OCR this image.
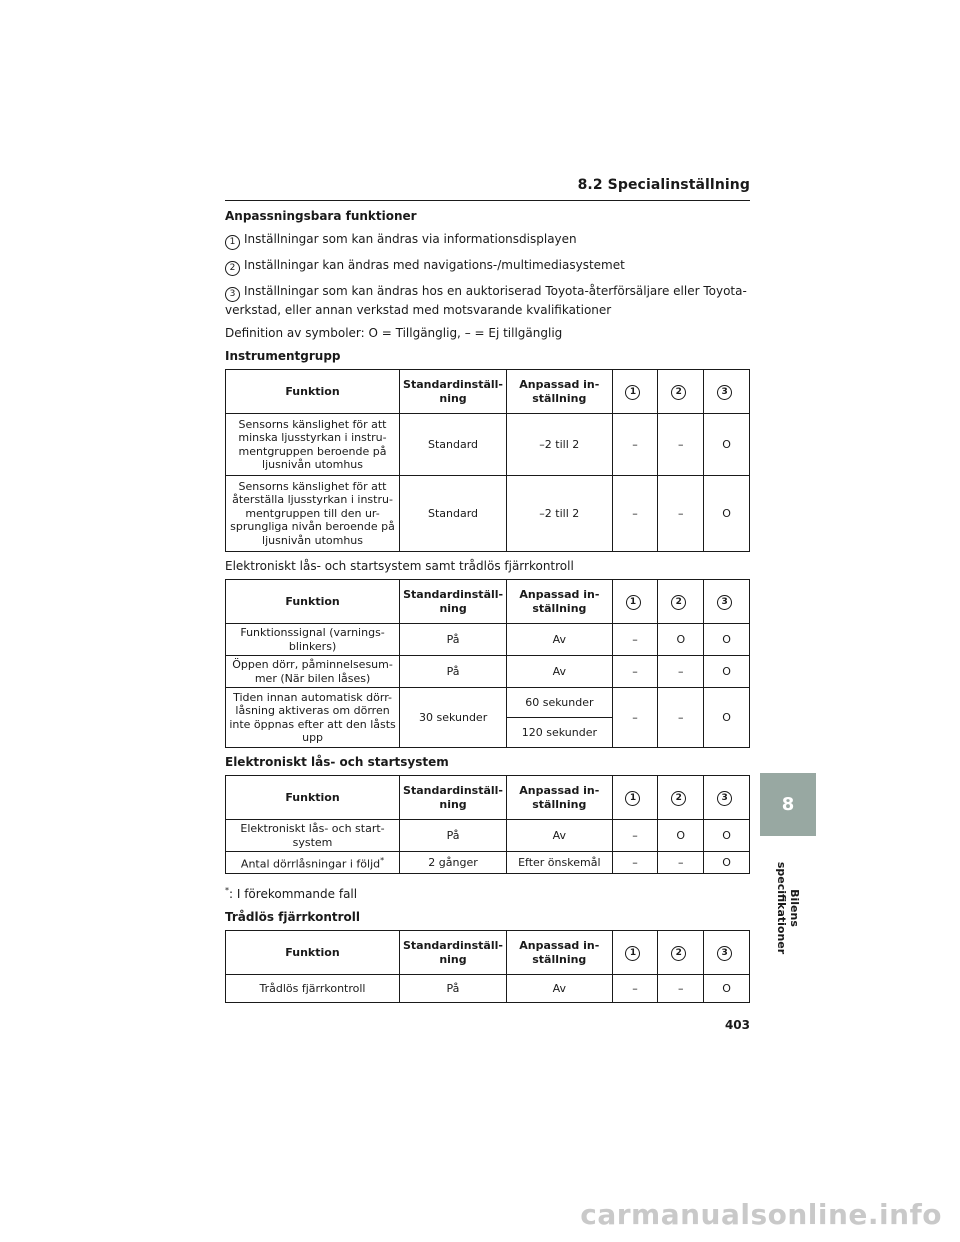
8.2 Specialinställning

Anpassningsbara funktioner

1 Inställningar som kan ändras via informationsdisplayen

2 Inställningar kan ändras med navigations-/multimediasystemet

3 Inställningar som kan ändras hos en auktoriserad Toyota-återförsäljare eller Toyota-verkstad, eller annan verkstad med motsvarande kvalifikationer

Definition av symboler: O = Tillgänglig, – = Ej tillgänglig

Instrumentgrupp

Funktion	Standardinställ-ning	Anpassad in-ställning	1	2	3
Sensorns känslighet för att minska ljusstyrkan i instru-mentgruppen beroende på ljusnivån utomhus	Standard	–2 till 2	–	–	O
Sensorns känslighet för att återställa ljusstyrkan i instru-mentgruppen till den ur-sprungliga nivån beroende på ljusnivån utomhus	Standard	–2 till 2	–	–	O

Elektroniskt lås- och startsystem samt trådlös fjärrkontroll

Funktion	Standardinställ-ning	Anpassad in-ställning	1	2	3
Funktionssignal (varnings-blinkers)	På	Av	–	O	O
Öppen dörr, påminnelsesum-mer (När bilen låses)	På	Av	–	–	O
Tiden innan automatisk dörr-låsning aktiveras om dörren inte öppnas efter att den låsts upp	30 sekunder	60 sekunder	–	–	O
		120 sekunder			

Elektroniskt lås- och startsystem

Funktion	Standardinställ-ning	Anpassad in-ställning	1	2	3
Elektroniskt lås- och start-system	På	Av	–	O	O
Antal dörrlåsningar i följd*	2 gånger	Efter önskemål	–	–	O

*: I förekommande fall

Trådlös fjärrkontroll

Funktion	Standardinställ-ning	Anpassad in-ställning	1	2	3
Trådlös fjärrkontroll	På	Av	–	–	O
403
8
Bilens specifikationer
carmanualsonline.info
